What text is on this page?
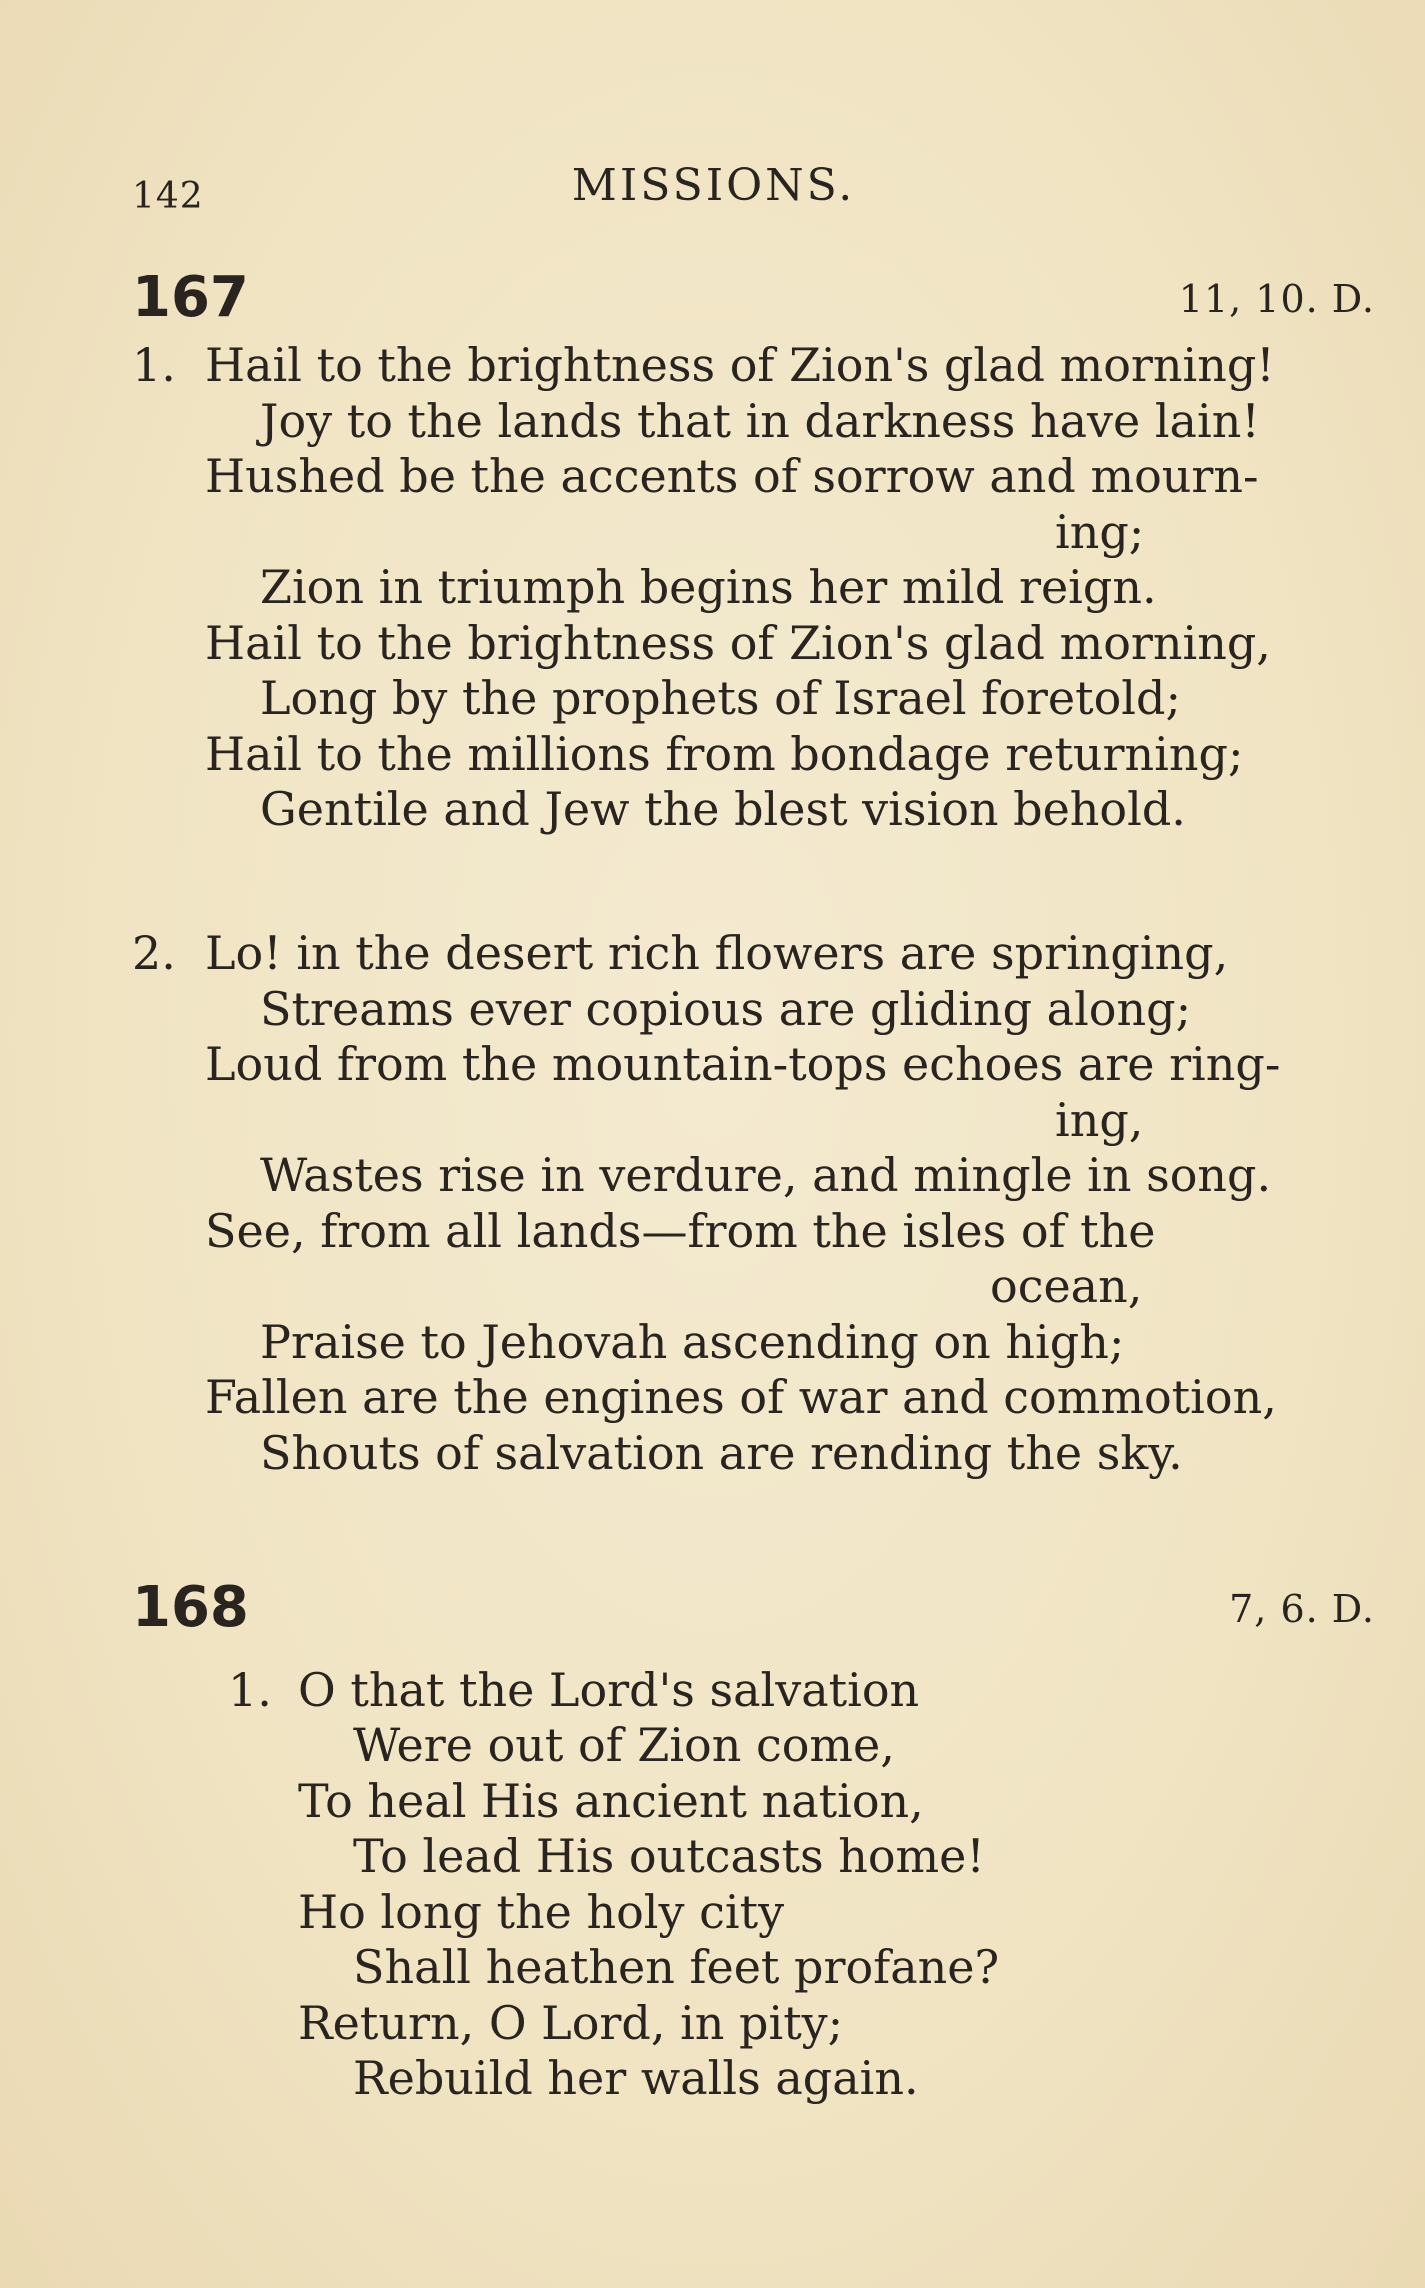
142	MISSIONS.
167	11, 10. D.
1. Hail to the brightness of Zion's glad morning!
Joy to the lands that in darkness have lain!
Hushed be the accents of sorrow and mourn-
ing;
Zion in triumph begins her mild reign.
Hail to the brightness of Zion's glad morning,
Long by the prophets of Israel foretold;
Hail to the millions from bondage returning;
Gentile and Jew the blest vision behold.
2. Lo! in the desert rich flowers are springing,
Streams ever copious are gliding along;
Loud from the mountain-tops echoes are ring-
ing,
Wastes rise in verdure, and mingle in song.
See, from all lands—from the isles of the
ocean,
Praise to Jehovah ascending on high;
Fallen are the engines of war and commotion,
Shouts of salvation are rending the sky.
168	7, 6. D.
1. O that the Lord's salvation
Were out of Zion come,
To heal His ancient nation,
To lead His outcasts home!
Ho long the holy city
Shall heathen feet profane?
Return, O Lord, in pity;
Rebuild her walls again.
